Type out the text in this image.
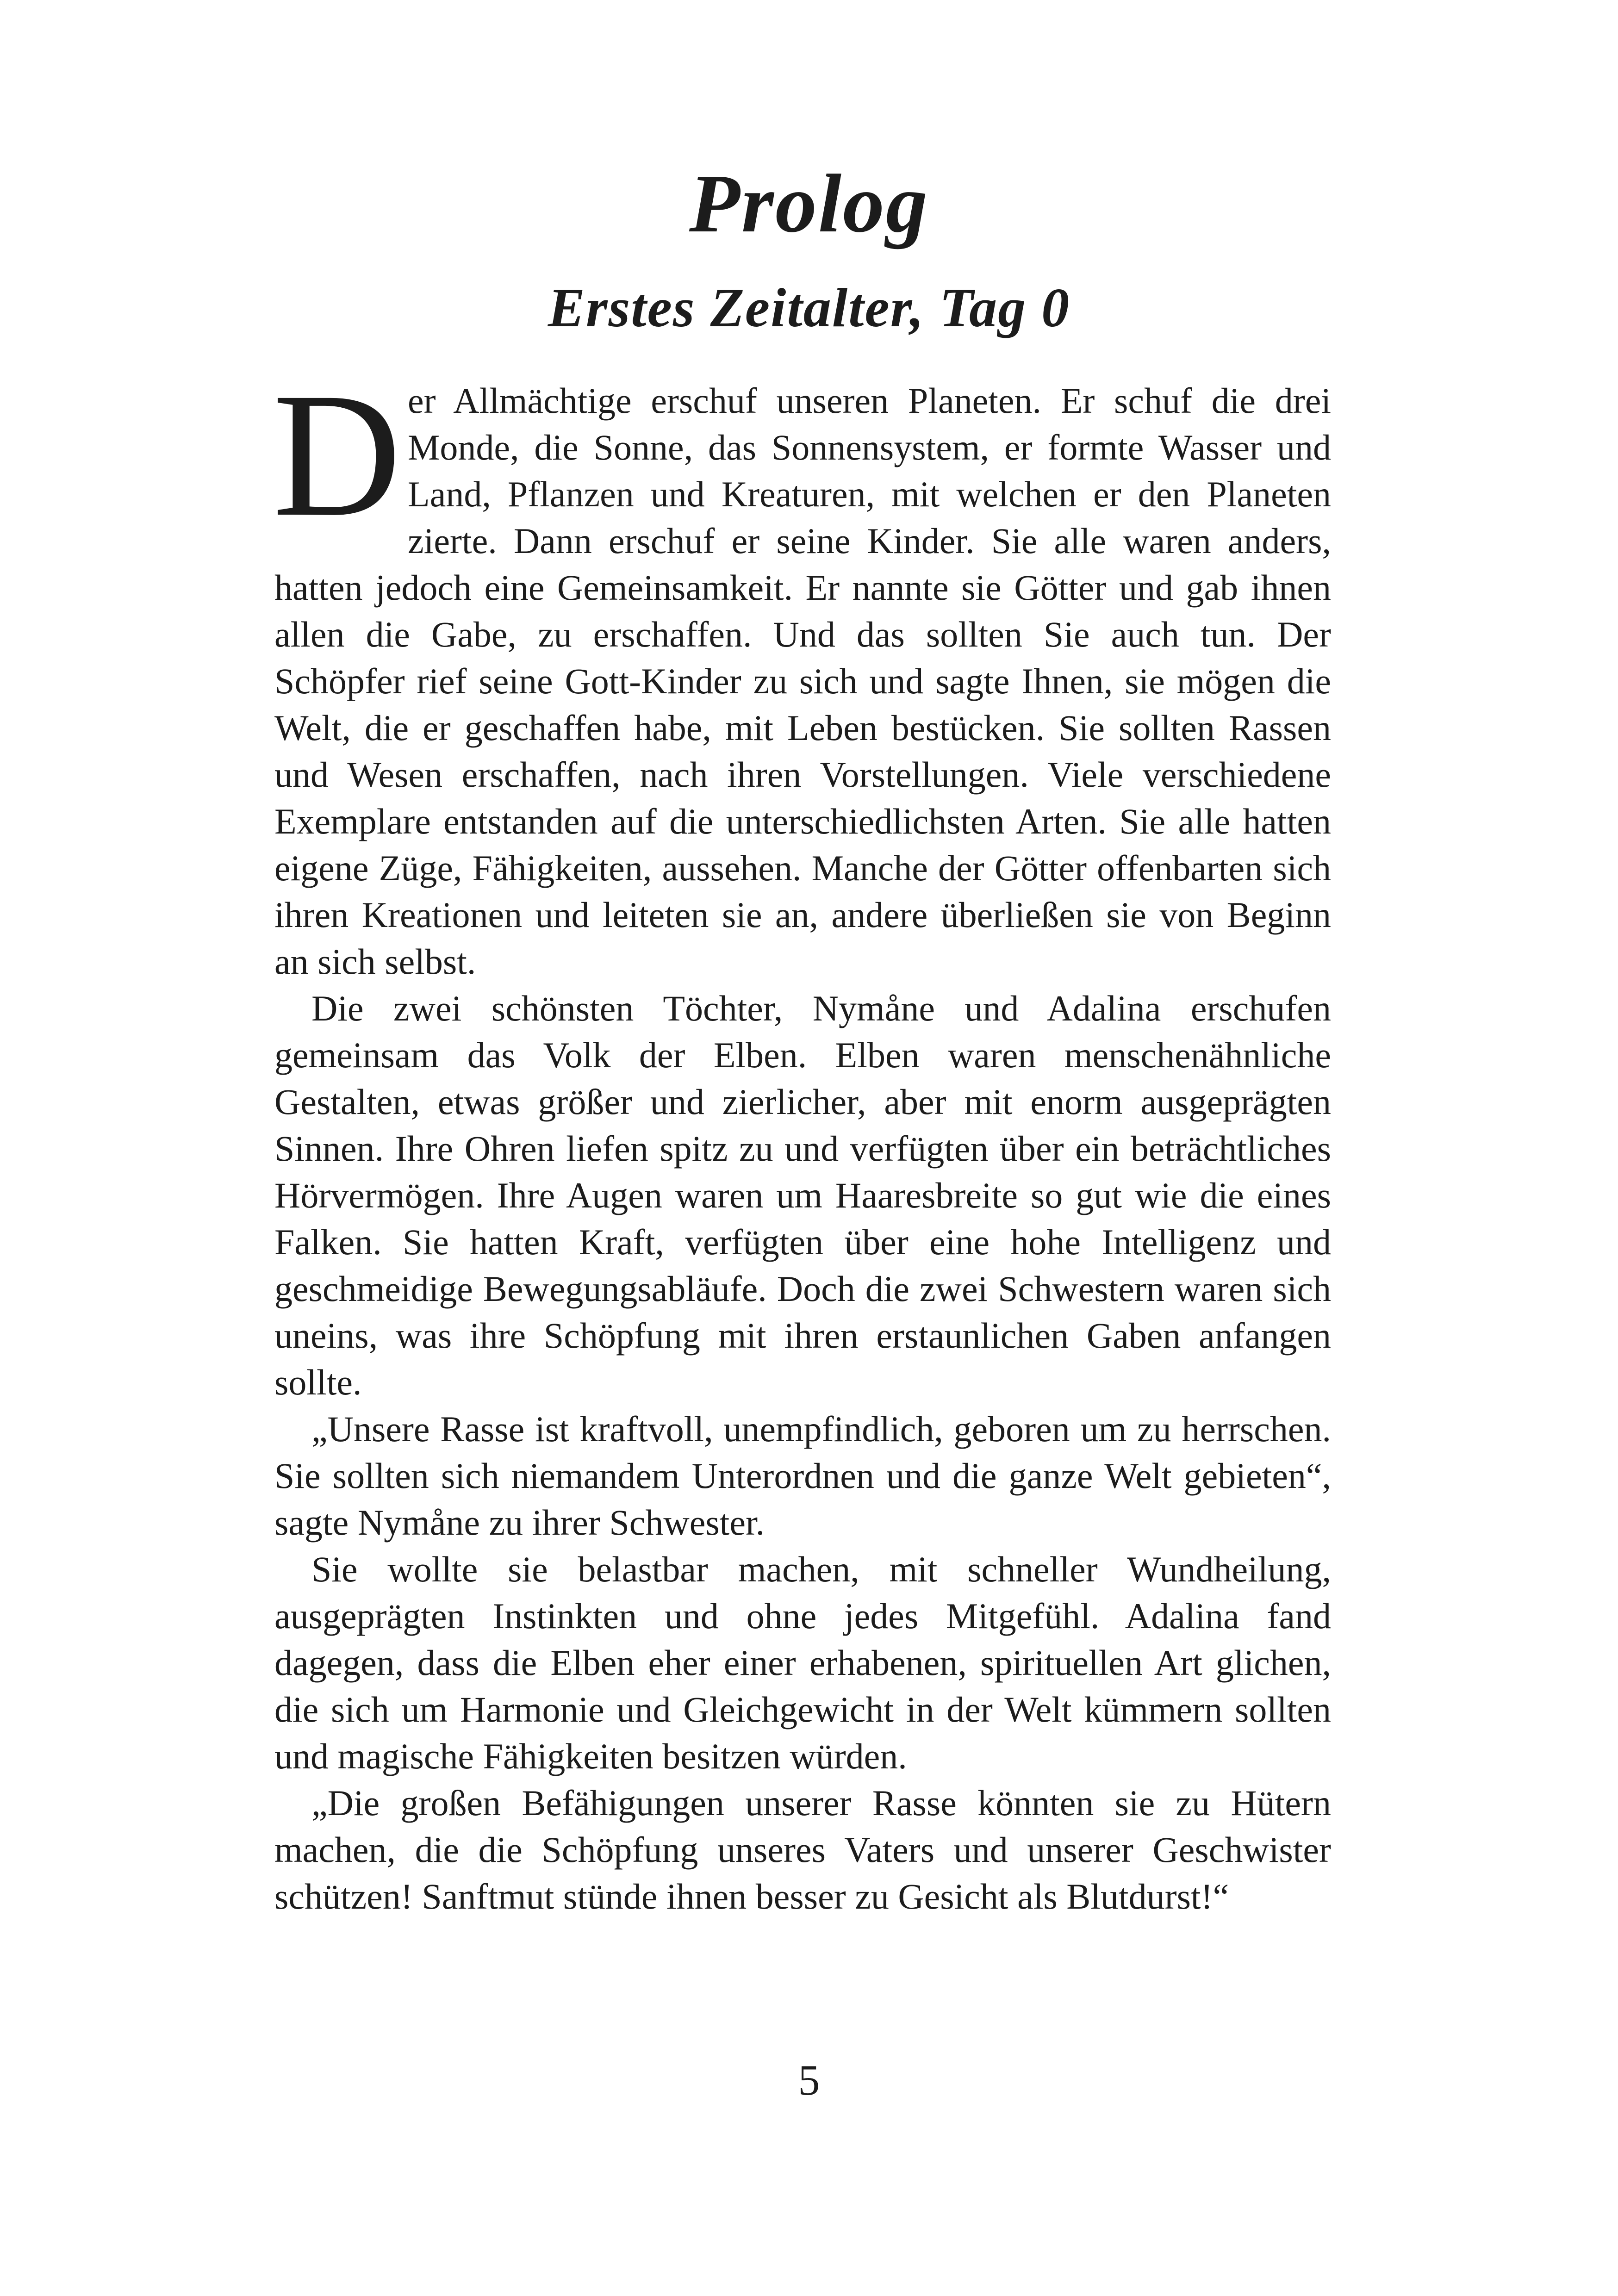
Prolog
Erstes Zeitalter, Tag 0

Der Allmächtige erschuf unseren Planeten. Er schuf die drei Monde, die Sonne, das Sonnensystem, er formte Wasser und Land, Pflanzen und Kreaturen, mit welchen er den Planeten zierte. Dann erschuf er seine Kinder. Sie alle waren anders, hatten jedoch eine Gemeinsamkeit. Er nannte sie Götter und gab ihnen allen die Gabe, zu erschaffen. Und das sollten Sie auch tun. Der Schöpfer rief seine Gott-Kinder zu sich und sagte Ihnen, sie mögen die Welt, die er geschaffen habe, mit Leben bestücken. Sie sollten Rassen und Wesen erschaffen, nach ihren Vorstellungen. Viele verschiedene Exemplare entstanden auf die unterschiedlichsten Arten. Sie alle hatten eigene Züge, Fähigkeiten, aussehen. Manche der Götter offenbarten sich ihren Kreationen und leiteten sie an, andere überließen sie von Beginn an sich selbst.

Die zwei schönsten Töchter, Nymåne und Adalina erschufen gemeinsam das Volk der Elben. Elben waren menschenähnliche Gestalten, etwas größer und zierlicher, aber mit enorm ausgeprägten Sinnen. Ihre Ohren liefen spitz zu und verfügten über ein beträchtliches Hörvermögen. Ihre Augen waren um Haaresbreite so gut wie die eines Falken. Sie hatten Kraft, verfügten über eine hohe Intelligenz und geschmeidige Bewegungsabläufe. Doch die zwei Schwestern waren sich uneins, was ihre Schöpfung mit ihren erstaunlichen Gaben anfangen sollte.

„Unsere Rasse ist kraftvoll, unempfindlich, geboren um zu herrschen. Sie sollten sich niemandem Unterordnen und die ganze Welt gebieten“, sagte Nymåne zu ihrer Schwester.

Sie wollte sie belastbar machen, mit schneller Wundheilung, ausgeprägten Instinkten und ohne jedes Mitgefühl. Adalina fand dagegen, dass die Elben eher einer erhabenen, spirituellen Art glichen, die sich um Harmonie und Gleichgewicht in der Welt kümmern sollten und magische Fähigkeiten besitzen würden.

„Die großen Befähigungen unserer Rasse könnten sie zu Hütern machen, die die Schöpfung unseres Vaters und unserer Geschwister schützen! Sanftmut stünde ihnen besser zu Gesicht als Blutdurst!“

5
